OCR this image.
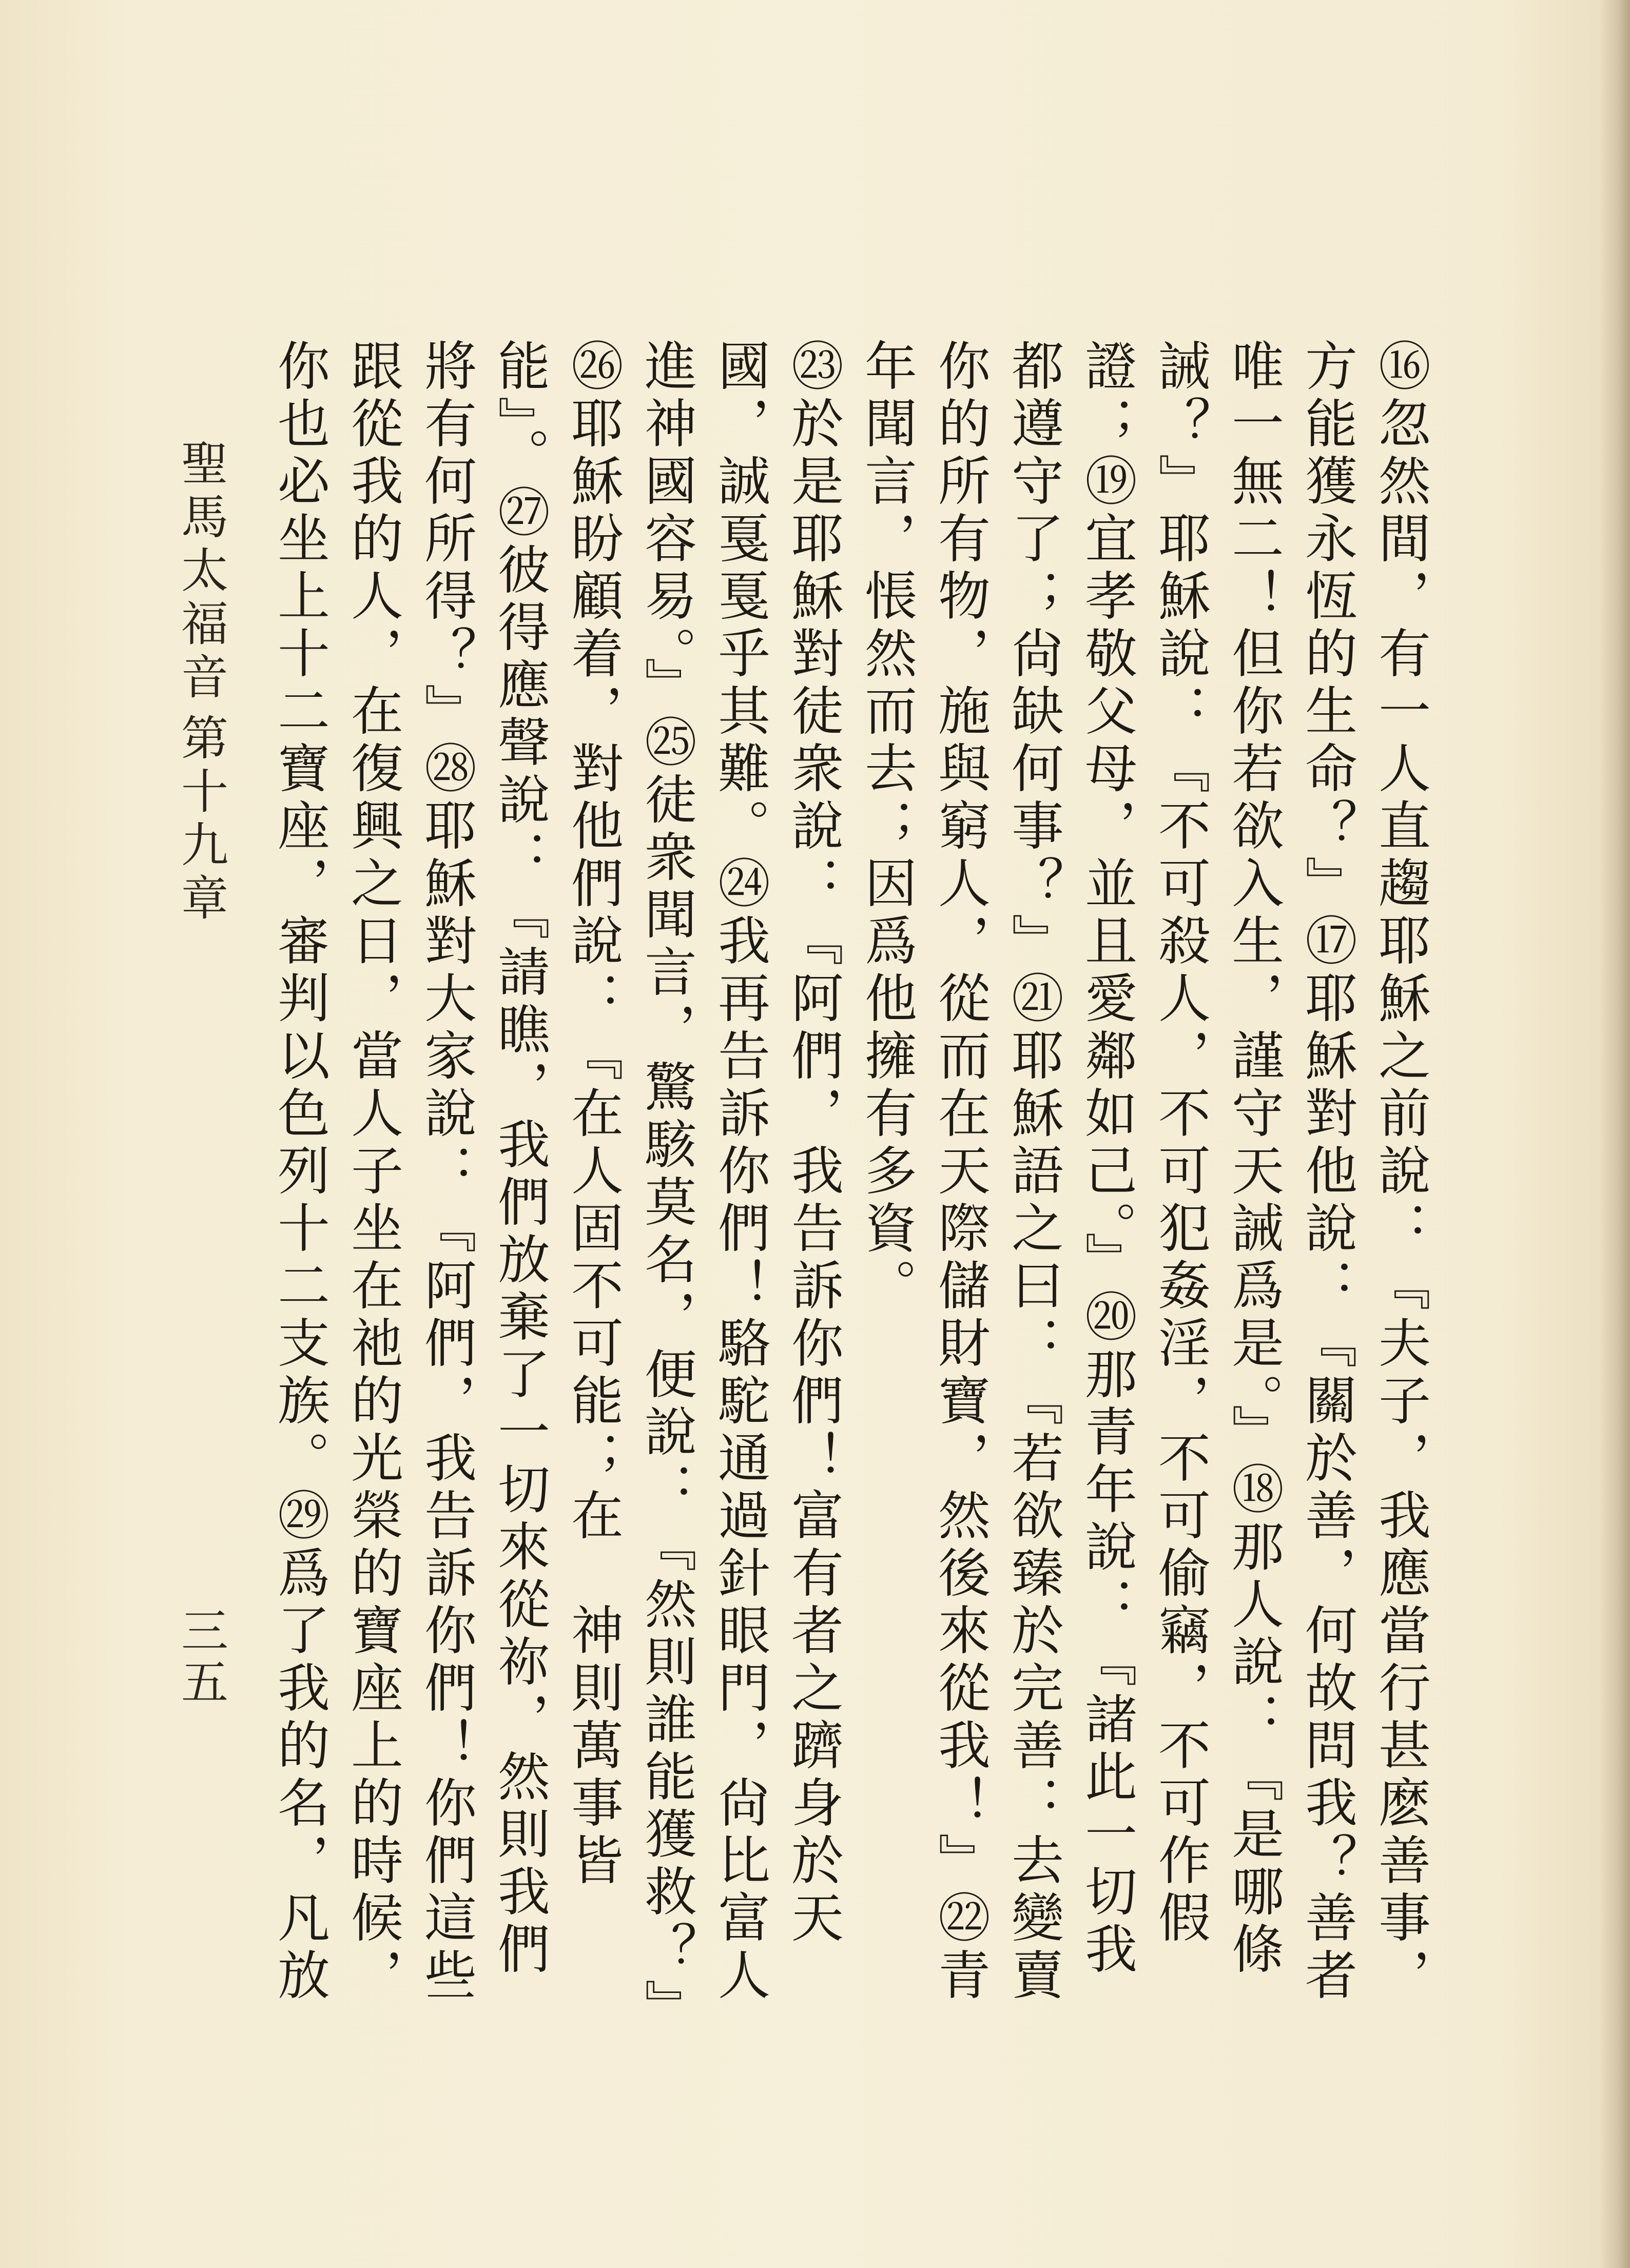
⑯忽然間，有一人直趨耶穌之前說：『夫子，我應當行甚麽善事，方能獲永恆的生命？』⑰耶穌對他說：『關於善，何故問我？善者唯一無二！但你若欲入生，謹守天誡爲是。』⑱那人說：『是哪條誡？』耶穌說：『不可殺人，不可犯姦淫，不可偷竊，不可作假證；⑲宜孝敬父母，並且愛鄰如己。』⑳那青年說：『諸此一切我都遵守了；尙缺何事？』㉑耶穌語之曰：『若欲臻於完善：去變賣你的所有物，施與窮人，從而在天際儲財寶，然後來從我！』㉒青年聞言，悵然而去；因爲他擁有多資。

㉓於是耶穌對徒衆說：『阿們，我告訴你們！富有者之躋身於天國，誠戛戛乎其難。㉔我再告訴你們！駱駝通過針眼門，尙比富人進神國容易。』㉕徒衆聞言，驚駭莫名，便說：『然則誰能獲救？』㉖耶穌盼顧着，對他們說：『在人固不可能；在　神則萬事皆能』。㉗彼得應聲說：『請瞧，我們放棄了一切來從祢，然則我們將有何所得？』㉘耶穌對大家說：『阿們，我告訴你們！你們這些跟從我的人，在復興之日，當人子坐在祂的光榮的寶座上的時候，你也必坐上十二寶座，審判以色列十二支族。㉙爲了我的名，凡放

聖馬太福音
第十九章
三五
